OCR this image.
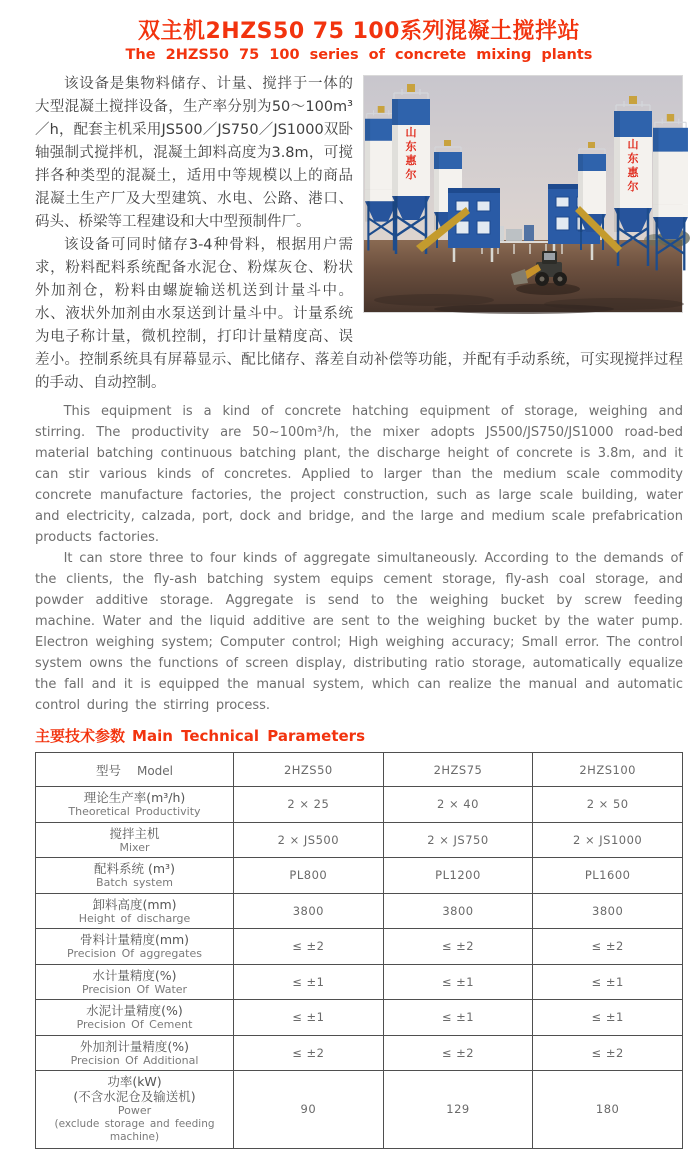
双主机2HZS50 75 100系列混凝土搅拌站
The 2HZS50 75 100 series of concrete mixing plants
山
东
惠
尔
山
东
惠
尔

该设备是集物料储存、计量、搅拌于一体的大型混凝土搅拌设备，生产率分别为50～100m³／h，配套主机采用JS500／JS750／JS1000双卧轴强制式搅拌机，混凝土卸料高度为3.8m，可搅拌各种类型的混凝土，适用中等规模以上的商品混凝土生产厂及大型建筑、水电、公路、港口、码头、桥梁等工程建设和大中型预制件厂。

该设备可同时储存3-4种骨料，根据用户需求，粉料配料系统配备水泥仓、粉煤灰仓、粉状外加剂仓，粉料由螺旋输送机送到计量斗中。水、液状外加剂由水泵送到计量斗中。计量系统为电子称计量，微机控制，打印计量精度高、误差小。控制系统具有屏幕显示、配比储存、落差自动补偿等功能，并配有手动系统，可实现搅拌过程的手动、自动控制。

This equipment is a kind of concrete hatching equipment of storage, weighing and stirring. The productivity are 50~100m³/h, the mixer adopts JS500/JS750/JS1000 road-bed material batching continuous batching plant, the discharge height of concrete is 3.8m, and it can stir various kinds of concretes. Applied to larger than the medium scale commodity concrete manufacture factories, the project construction, such as large scale building, water and electricity, calzada, port, dock and bridge, and the large and medium scale prefabrication products factories.

It can store three to four kinds of aggregate simultaneously. According to the demands of the clients, the fly-ash batching system equips cement storage, fly-ash coal storage, and powder additive storage. Aggregate is send to the weighing bucket by screw feeding machine. Water and the liquid additive are sent to the weighing bucket by the water pump. Electron weighing system; Computer control; High weighing accuracy; Small error. The control system owns the functions of screen display, distributing ratio storage, automatically equalize the fall and it is equipped the manual system, which can realize the manual and automatic control during the stirring process.

主要技术参数 Main Technical Parameters
型号 Model	2HZS50	2HZS75	2HZS100

理论生产率(m³/h)
Theoretical Productivity	2 × 25	2 × 40	2 × 50

搅拌主机
Mixer	2 × JS500	2 × JS750	2 × JS1000

配料系统 (m³)
Batch system	PL800	PL1200	PL1600

卸料高度(mm)
Height of discharge	3800	3800	3800

骨料计量精度(mm)
Precision Of aggregates	≤ ±2	≤ ±2	≤ ±2

水计量精度(%)
Precision Of Water	≤ ±1	≤ ±1	≤ ±1

水泥计量精度(%)
Precision Of Cement	≤ ±1	≤ ±1	≤ ±1

外加剂计量精度(%)
Precision Of Additional	≤ ±2	≤ ±2	≤ ±2

功率(kW)
(不含水泥仓及输送机)
Power
(exclude storage and feeding machine)	90	129	180
